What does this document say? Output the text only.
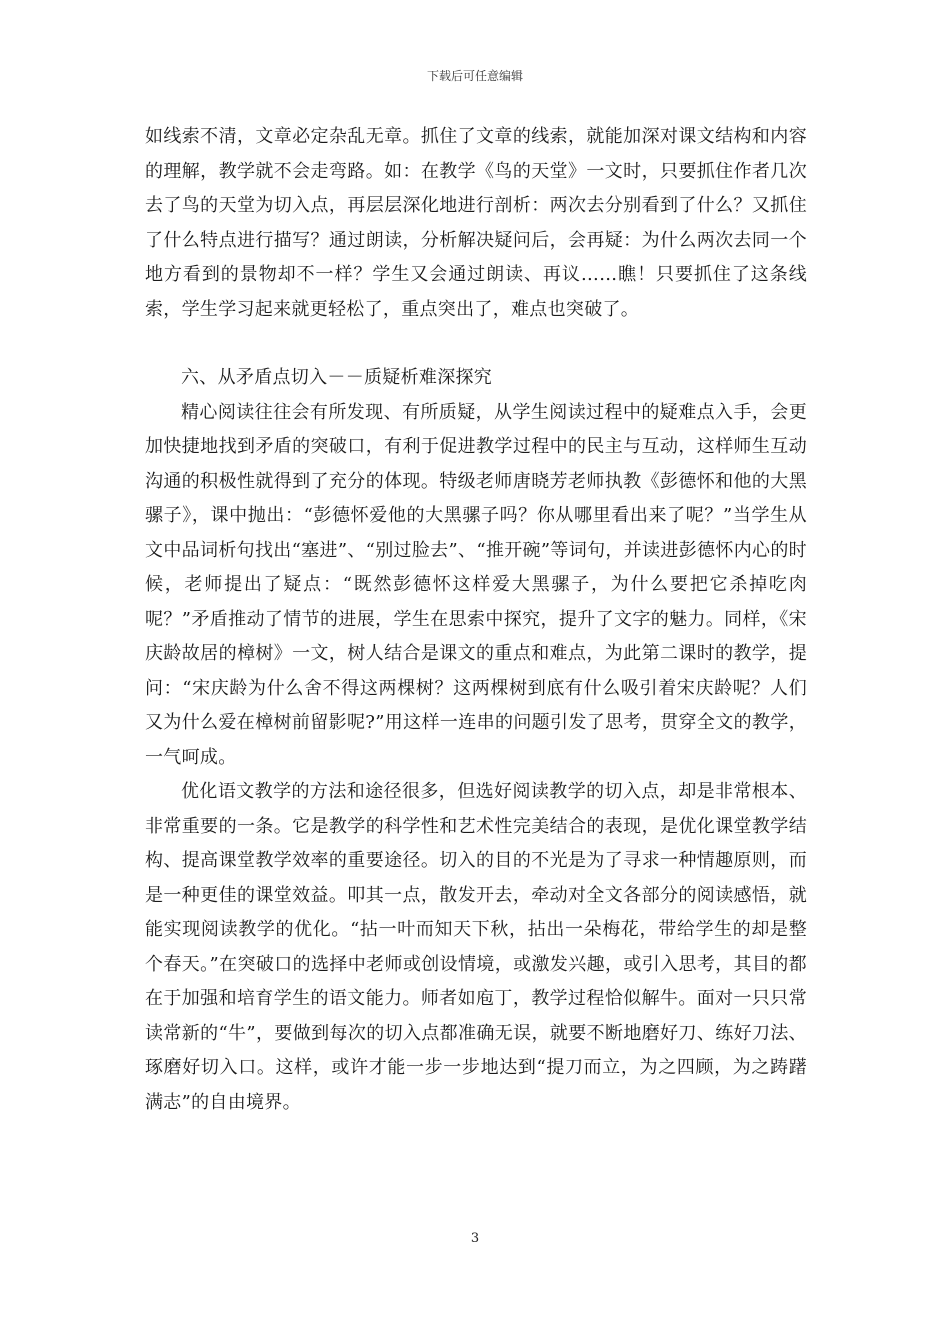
下载后可任意编辑

如线索不清，文章必定杂乱无章。抓住了文章的线索，就能加深对课文结构和内容的理解，教学就不会走弯路。如：在教学《鸟的天堂》一文时，只要抓住作者几次去了鸟的天堂为切入点，再层层深化地进行剖析：两次去分别看到了什么？又抓住了什么特点进行描写？通过朗读，分析解决疑问后，会再疑：为什么两次去同一个地方看到的景物却不一样？学生又会通过朗读、再议……瞧！只要抓住了这条线索，学生学习起来就更轻松了，重点突出了，难点也突破了。

六、从矛盾点切入－－质疑析难深探究

精心阅读往往会有所发现、有所质疑，从学生阅读过程中的疑难点入手，会更加快捷地找到矛盾的突破口，有利于促进教学过程中的民主与互动，这样师生互动沟通的积极性就得到了充分的体现。特级老师唐晓芳老师执教《彭德怀和他的大黑骡子》，课中抛出：“彭德怀爱他的大黑骡子吗？你从哪里看出来了呢？”当学生从文中品词析句找出“塞进”、“别过脸去”、“推开碗”等词句，并读进彭德怀内心的时候，老师提出了疑点：“既然彭德怀这样爱大黑骡子，为什么要把它杀掉吃肉呢？”矛盾推动了情节的进展，学生在思索中探究，提升了文字的魅力。同样，《宋庆龄故居的樟树》一文，树人结合是课文的重点和难点，为此第二课时的教学，提问：“宋庆龄为什么舍不得这两棵树？这两棵树到底有什么吸引着宋庆龄呢？人们又为什么爱在樟树前留影呢?”用这样一连串的问题引发了思考，贯穿全文的教学，一气呵成。

优化语文教学的方法和途径很多，但选好阅读教学的切入点，却是非常根本、非常重要的一条。它是教学的科学性和艺术性完美结合的表现，是优化课堂教学结构、提高课堂教学效率的重要途径。切入的目的不光是为了寻求一种情趣原则，而是一种更佳的课堂效益。叩其一点，散发开去，牵动对全文各部分的阅读感悟，就能实现阅读教学的优化。“拈一叶而知天下秋，拈出一朵梅花，带给学生的却是整个春天。”在突破口的选择中老师或创设情境，或激发兴趣，或引入思考，其目的都在于加强和培育学生的语文能力。师者如庖丁，教学过程恰似解牛。面对一只只常读常新的“牛”，要做到每次的切入点都准确无误，就要不断地磨好刀、练好刀法、琢磨好切入口。这样，或许才能一步一步地达到“提刀而立，为之四顾，为之踌躇满志”的自由境界。

3
